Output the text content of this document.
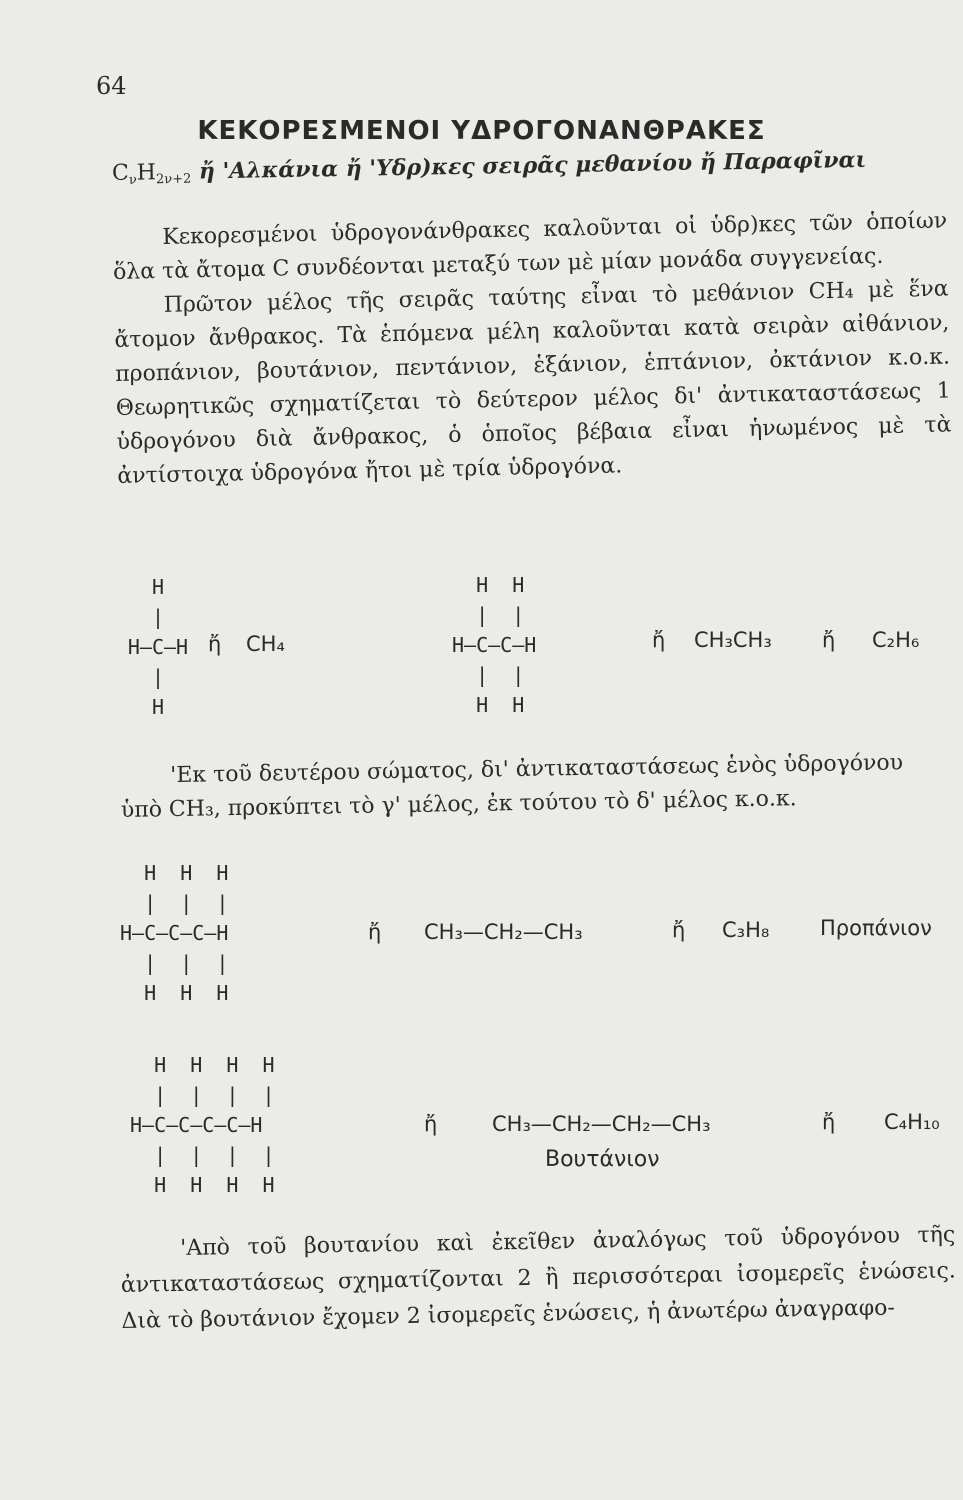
64
ΚΕΚΟΡΕΣΜΕΝΟΙ ΥΔΡΟΓΟΝΑΝΘΡΑΚΕΣ
$C_\nu H_{2\nu+2}$ ἤ 'Αλκάνια ἤ 'Υδρ)κες σειρᾶς μεθανίου ἤ Παραφῖναι

Κεκορεσμένοι ὑδρογονάνθρακες καλοῦνται οἱ ὑδρ)κες τῶν ὁποίων ὅλα τὰ ἄτομα C συνδέονται μεταξύ των μὲ μίαν μονάδα συγγενείας.

Πρῶτον μέλος τῆς σειρᾶς ταύτης εἶναι τὸ μεθάνιον CH₄ μὲ ἕνα ἄτομον ἄνθρακος. Τὰ ἑπόμενα μέλη καλοῦνται κατὰ σειρὰν αἰθάνιον, προπάνιον, βουτάνιον, πεντάνιον, ἑξάνιον, ἑπτάνιον, ὀκτάνιον κ.ο.κ. Θεωρητικῶς σχηματίζεται τὸ δεύτερον μέλος δι' ἀντικαταστάσεως 1 ὑδρογόνου διὰ ἄνθρακος, ὁ ὁποῖος βέβαια εἶναι ἡνωμένος μὲ τὰ ἀντίστοιχα ὑδρογόνα ἤτοι μὲ τρία ὑδρογόνα.

H
|
H—C—H
|
H
ἤ CH₄
H  H
|  |
H—C—C—H
|  |
H  H
ἤ CH₃CH₃ ἤ C₂H₆

'Εκ τοῦ δευτέρου σώματος, δι' ἀντικαταστάσεως ἑνὸς ὑδρογόνου ὑπὸ CH₃, προκύπτει τὸ γ' μέλος, ἐκ τούτου τὸ δ' μέλος κ.ο.κ.

H  H  H
|  |  |
H—C—C—C—H
|  |  |
H  H  H
ἤ CH₃—CH₂—CH₃	ἤ C₃H₈ Προπάνιον
H  H  H  H
|  |  |  |
H—C—C—C—C—H
|  |  |  |
H  H  H  H
ἤ	CH₃—CH₂—CH₂—CH₃	ἤ C₄H₁₀
Βουτάνιον

'Απὸ τοῦ βουτανίου καὶ ἐκεῖθεν ἀναλόγως τοῦ ὑδρογόνου τῆς ἀντικαταστάσεως σχηματίζονται 2 ἢ περισσότεραι ἰσομερεῖς ἑνώσεις. Διὰ τὸ βουτάνιον ἔχομεν 2 ἰσομερεῖς ἑνώσεις, ἡ ἀνωτέρω ἀναγραφο-
